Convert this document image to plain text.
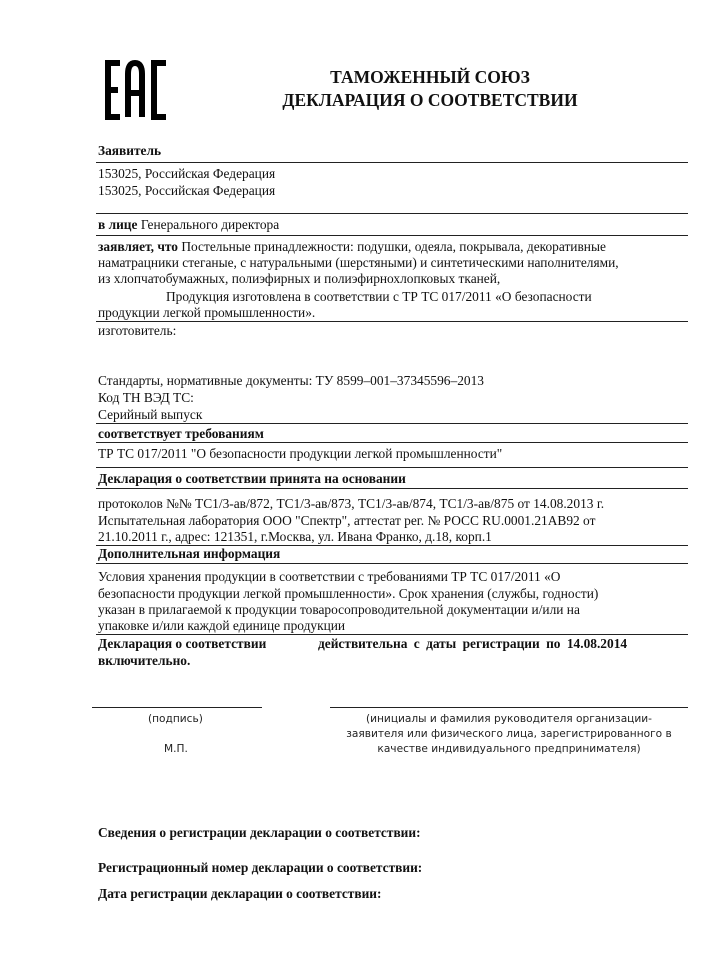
ТАМОЖЕННЫЙ СОЮЗ
ДЕКЛАРАЦИЯ О СООТВЕТСТВИИ
Заявитель
153025, Российская Федерация
153025, Российская Федерация
в лице Генерального директора
заявляет, что Постельные принадлежности: подушки, одеяла, покрывала, декоративные
наматрацники стеганые, с натуральными (шерстяными) и синтетическими наполнителями,
из хлопчатобумажных, полиэфирных и полиэфирнохлопковых тканей,
Продукция изготовлена в соответствии с ТР ТС 017/2011 «О безопасности
продукции легкой промышленности».
изготовитель:
Стандарты, нормативные документы: ТУ 8599–001–37345596–2013
Код ТН ВЭД ТС:
Серийный выпуск
соответствует требованиям
ТР ТС 017/2011 "О безопасности продукции легкой промышленности"
Декларация о соответствии принята на основании
протоколов №№ ТС1/3-ав/872, ТС1/3-ав/873, ТС1/3-ав/874, ТС1/3-ав/875 от 14.08.2013 г.
Испытательная лаборатория ООО "Спектр", аттестат рег. № РОСС RU.0001.21АВ92 от
21.10.2011 г., адрес: 121351, г.Москва, ул. Ивана Франко, д.18, корп.1
Дополнительная информация
Условия хранения продукции в соответствии с требованиями ТР ТС 017/2011 «О
безопасности продукции легкой промышленности». Срок хранения (службы, годности)
указан в прилагаемой к продукции товаросопроводительной документации и/или на
упаковке и/или каждой единице продукции
Декларация о соответствии	действительна с даты регистрации по 14.08.2014
включительно.
(подпись)
М.П.
(инициалы и фамилия руководителя организации-
заявителя или физического лица, зарегистрированного в
качестве индивидуального предпринимателя)
Сведения о регистрации декларации о соответствии:
Регистрационный номер декларации о соответствии:
Дата регистрации декларации о соответствии:
